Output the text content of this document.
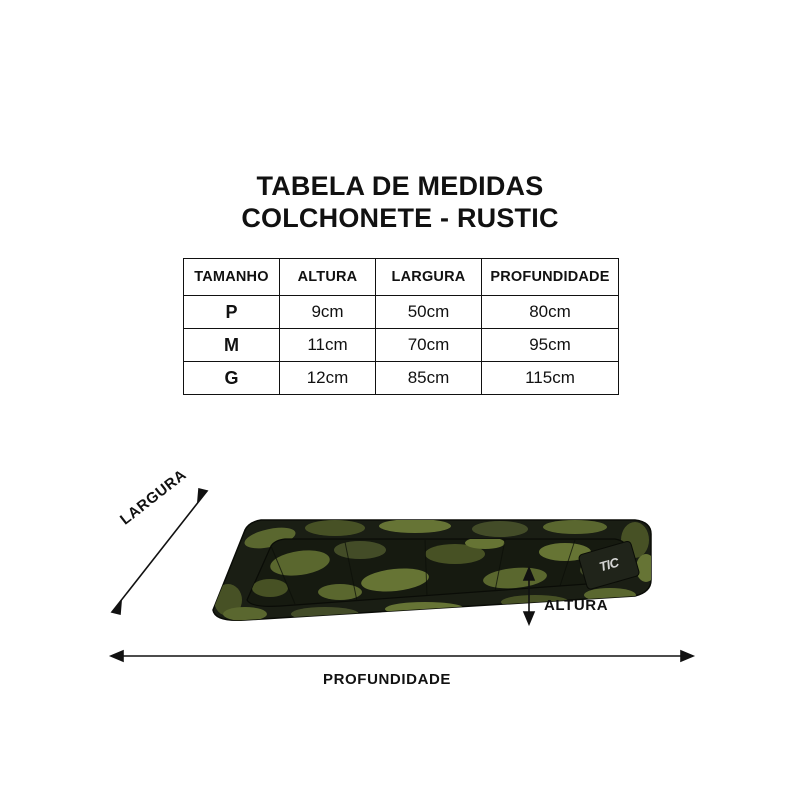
TABELA DE MEDIDAS
COLCHONETE - RUSTIC
TAMANHO	ALTURA	LARGURA	PROFUNDIDADE
P	9cm	50cm	80cm
M	11cm	70cm	95cm
G	12cm	85cm	115cm
TIC
LARGURA
ALTURA
PROFUNDIDADE
